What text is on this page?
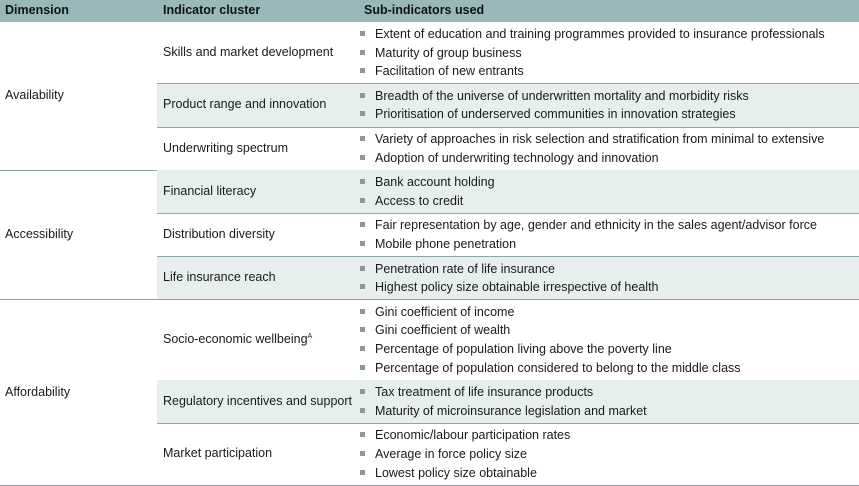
Dimension	Indicator cluster	Sub-indicators used
Skills and market development
Extent of education and training programmes provided to insurance professionals
Maturity of group business
Facilitation of new entrants
Product range and innovation
Breadth of the universe of underwritten mortality and morbidity risks
Prioritisation of underserved communities in innovation strategies
Underwriting spectrum
Variety of approaches in risk selection and stratification from minimal to extensive
Adoption of underwriting technology and innovation
Availability
Financial literacy
Bank account holding
Access to credit
Distribution diversity
Fair representation by age, gender and ethnicity in the sales agent/advisor force
Mobile phone penetration
Life insurance reach
Penetration rate of life insurance
Highest policy size obtainable irrespective of health
Accessibility
Socio-economic wellbeing$^A$
Gini coefficient of income
Gini coefficient of wealth
Percentage of population living above the poverty line
Percentage of population considered to belong to the middle class
Regulatory incentives and support
Tax treatment of life insurance products
Maturity of microinsurance legislation and market
Market participation
Economic/labour participation rates
Average in force policy size
Lowest policy size obtainable
Affordability
